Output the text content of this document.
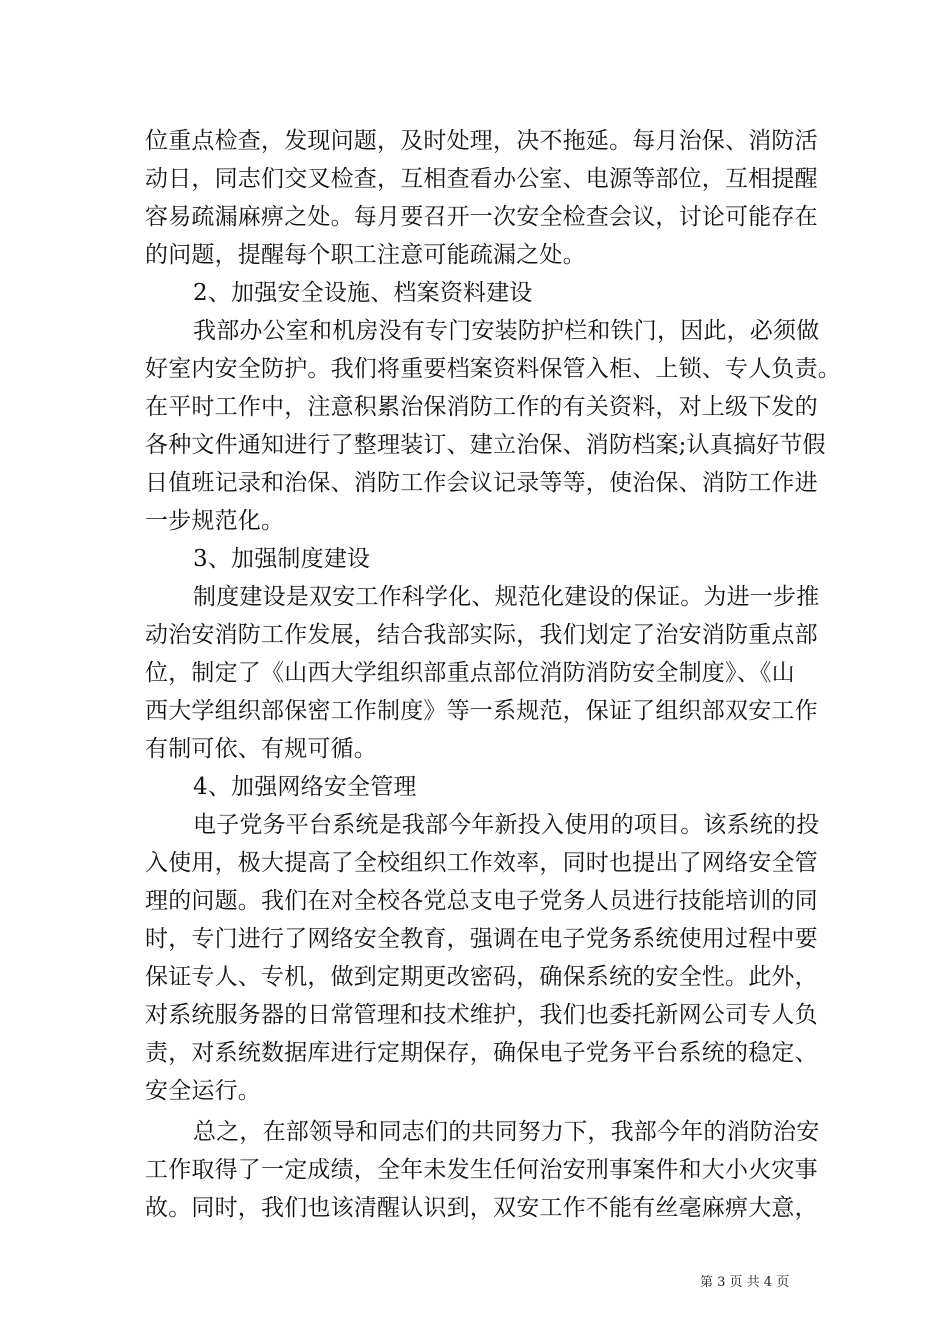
位重点检查，发现问题，及时处理，决不拖延。每月治保、消防活
动日，同志们交叉检查，互相查看办公室、电源等部位，互相提醒
容易疏漏麻痹之处。每月要召开一次安全检查会议，讨论可能存在
的问题，提醒每个职工注意可能疏漏之处。
2、加强安全设施、档案资料建设
我部办公室和机房没有专门安装防护栏和铁门，因此，必须做
好室内安全防护。我们将重要档案资料保管入柜、上锁、专人负责。
在平时工作中，注意积累治保消防工作的有关资料，对上级下发的
各种文件通知进行了整理装订、建立治保、消防档案;认真搞好节假
日值班记录和治保、消防工作会议记录等等，使治保、消防工作进
一步规范化。
3、加强制度建设
制度建设是双安工作科学化、规范化建设的保证。为进一步推
动治安消防工作发展，结合我部实际，我们划定了治安消防重点部
位，制定了《山西大学组织部重点部位消防消防安全制度》、《山
西大学组织部保密工作制度》等一系规范，保证了组织部双安工作
有制可依、有规可循。
4、加强网络安全管理
电子党务平台系统是我部今年新投入使用的项目。该系统的投
入使用，极大提高了全校组织工作效率，同时也提出了网络安全管
理的问题。我们在对全校各党总支电子党务人员进行技能培训的同
时，专门进行了网络安全教育，强调在电子党务系统使用过程中要
保证专人、专机，做到定期更改密码，确保系统的安全性。此外，
对系统服务器的日常管理和技术维护，我们也委托新网公司专人负
责，对系统数据库进行定期保存，确保电子党务平台系统的稳定、
安全运行。
总之，在部领导和同志们的共同努力下，我部今年的消防治安
工作取得了一定成绩，全年未发生任何治安刑事案件和大小火灾事
故。同时，我们也该清醒认识到，双安工作不能有丝毫麻痹大意，
第 3 页 共 4 页
